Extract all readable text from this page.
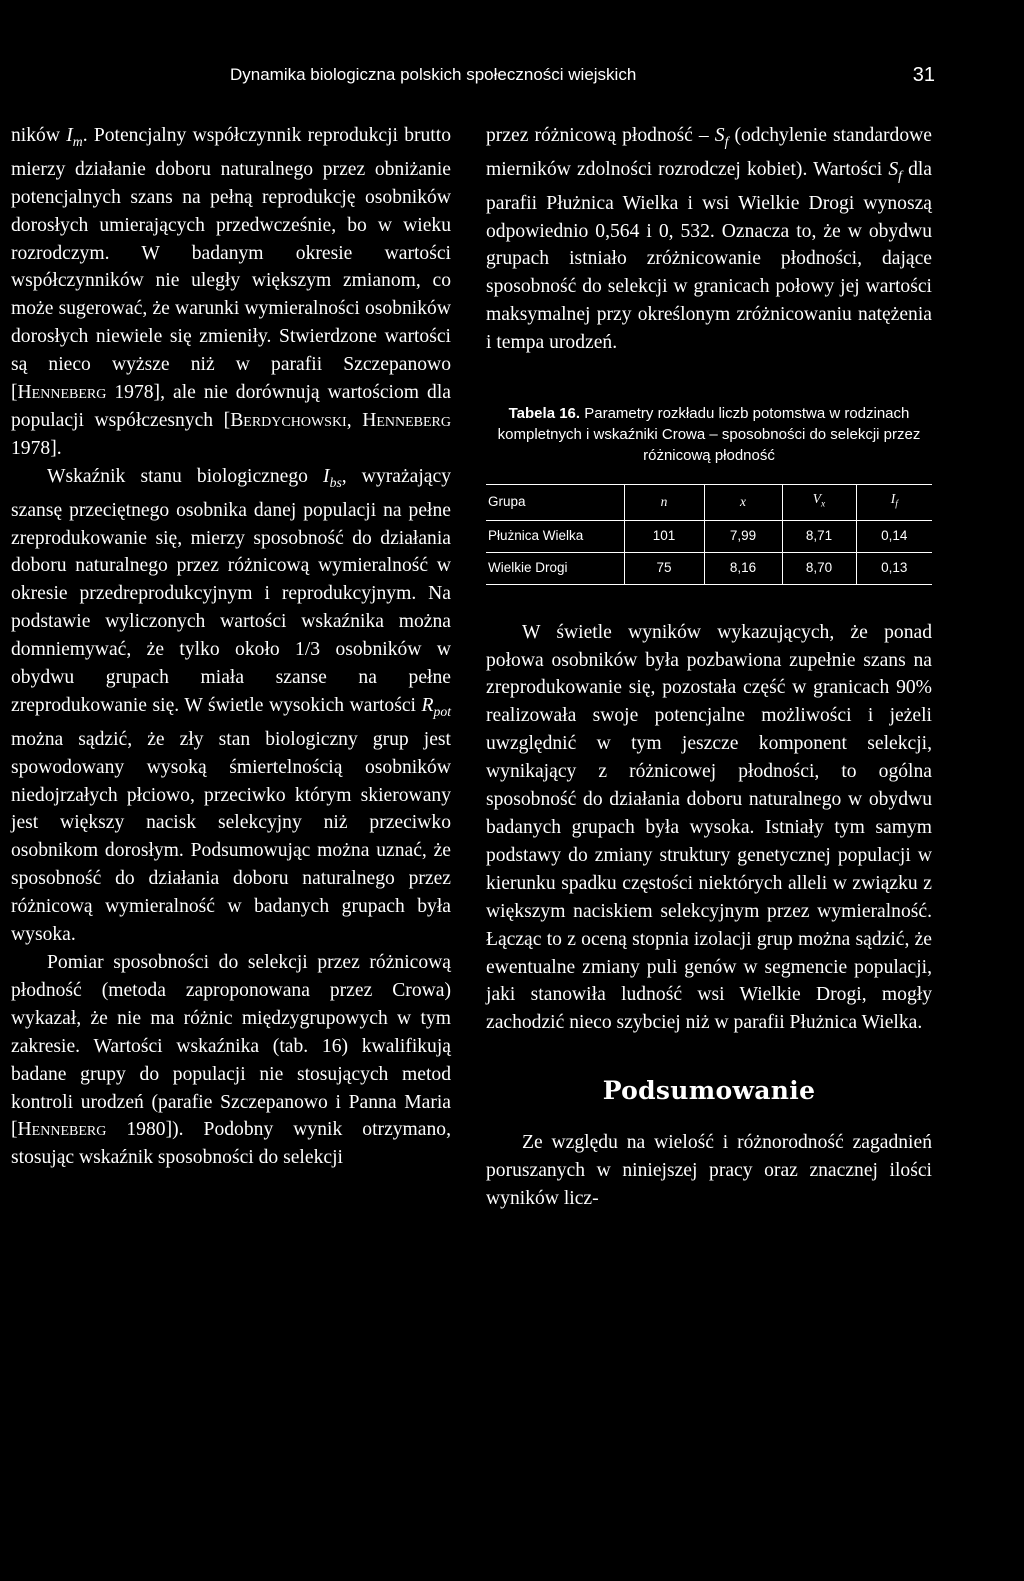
Dynamika biologiczna polskich społeczności wiejskich	31

ników $I_m$. Potencjalny współczynnik reprodukcji brutto mierzy działanie doboru naturalnego przez obniżanie potencjalnych szans na pełną reprodukcję osobników dorosłych umierających przedwcześnie, bo w wieku rozrodczym. W badanym okresie wartości współczynników nie uległy większym zmianom, co może sugerować, że warunki wymieralności osobników dorosłych niewiele się zmieniły. Stwierdzone wartości są nieco wyższe niż w parafii Szczepanowo [Henneberg 1978], ale nie dorównują wartościom dla populacji współczesnych [Berdychowski, Henneberg 1978].

Wskaźnik stanu biologicznego $I_{bs}$, wyrażający szansę przeciętnego osobnika danej populacji na pełne zreprodukowanie się, mierzy sposobność do działania doboru naturalnego przez różnicową wymieralność w okresie przedreprodukcyjnym i reprodukcyjnym. Na podstawie wyliczonych wartości wskaźnika można domniemywać, że tylko około 1/3 osobników w obydwu grupach miała szanse na pełne zreprodukowanie się. W świetle wysokich wartości $R_{pot}$ można sądzić, że zły stan biologiczny grup jest spowodowany wysoką śmiertelnością osobników niedojrzałych płciowo, przeciwko którym skierowany jest większy nacisk selekcyjny niż przeciwko osobnikom dorosłym. Podsumowując można uznać, że sposobność do działania doboru naturalnego przez różnicową wymieralność w badanych grupach była wysoka.

Pomiar sposobności do selekcji przez różnicową płodność (metoda zaproponowana przez Crowa) wykazał, że nie ma różnic międzygrupowych w tym zakresie. Wartości wskaźnika (tab. 16) kwalifikują badane grupy do populacji nie stosujących metod kontroli urodzeń (parafie Szczepanowo i Panna Maria [Henneberg 1980]). Podobny wynik otrzymano, stosując wskaźnik sposobności do selekcji

przez różnicową płodność – $S_f$ (odchylenie standardowe mierników zdolności rozrodczej kobiet). Wartości $S_f$ dla parafii Płużnica Wielka i wsi Wielkie Drogi wynoszą odpowiednio 0,564 i 0, 532. Oznacza to, że w obydwu grupach istniało zróżnicowanie płodności, dające sposobność do selekcji w granicach połowy jej wartości maksymalnej przy określonym zróżnicowaniu natężenia i tempa urodzeń.

Tabela 16. Parametry rozkładu liczb potomstwa w rodzinach kompletnych i wskaźniki Crowa – sposobności do selekcji przez różnicową płodność
Grupa	n	x	$V_x$	$I_f$
Płużnica Wielka	101	7,99	8,71	0,14
Wielkie Drogi	75	8,16	8,70	0,13

W świetle wyników wykazujących, że ponad połowa osobników była pozbawiona zupełnie szans na zreprodukowanie się, pozostała część w granicach 90% realizowała swoje potencjalne możliwości i jeżeli uwzględnić w tym jeszcze komponent selekcji, wynikający z różnicowej płodności, to ogólna sposobność do działania doboru naturalnego w obydwu badanych grupach była wysoka. Istniały tym samym podstawy do zmiany struktury genetycznej populacji w kierunku spadku częstości niektórych alleli w związku z większym naciskiem selekcyjnym przez wymieralność. Łącząc to z oceną stopnia izolacji grup można sądzić, że ewentualne zmiany puli genów w segmencie populacji, jaki stanowiła ludność wsi Wielkie Drogi, mogły zachodzić nieco szybciej niż w parafii Płużnica Wielka.

Podsumowanie

Ze względu na wielość i różnorodność zagadnień poruszanych w niniejszej pracy oraz znacznej ilości wyników licz-
